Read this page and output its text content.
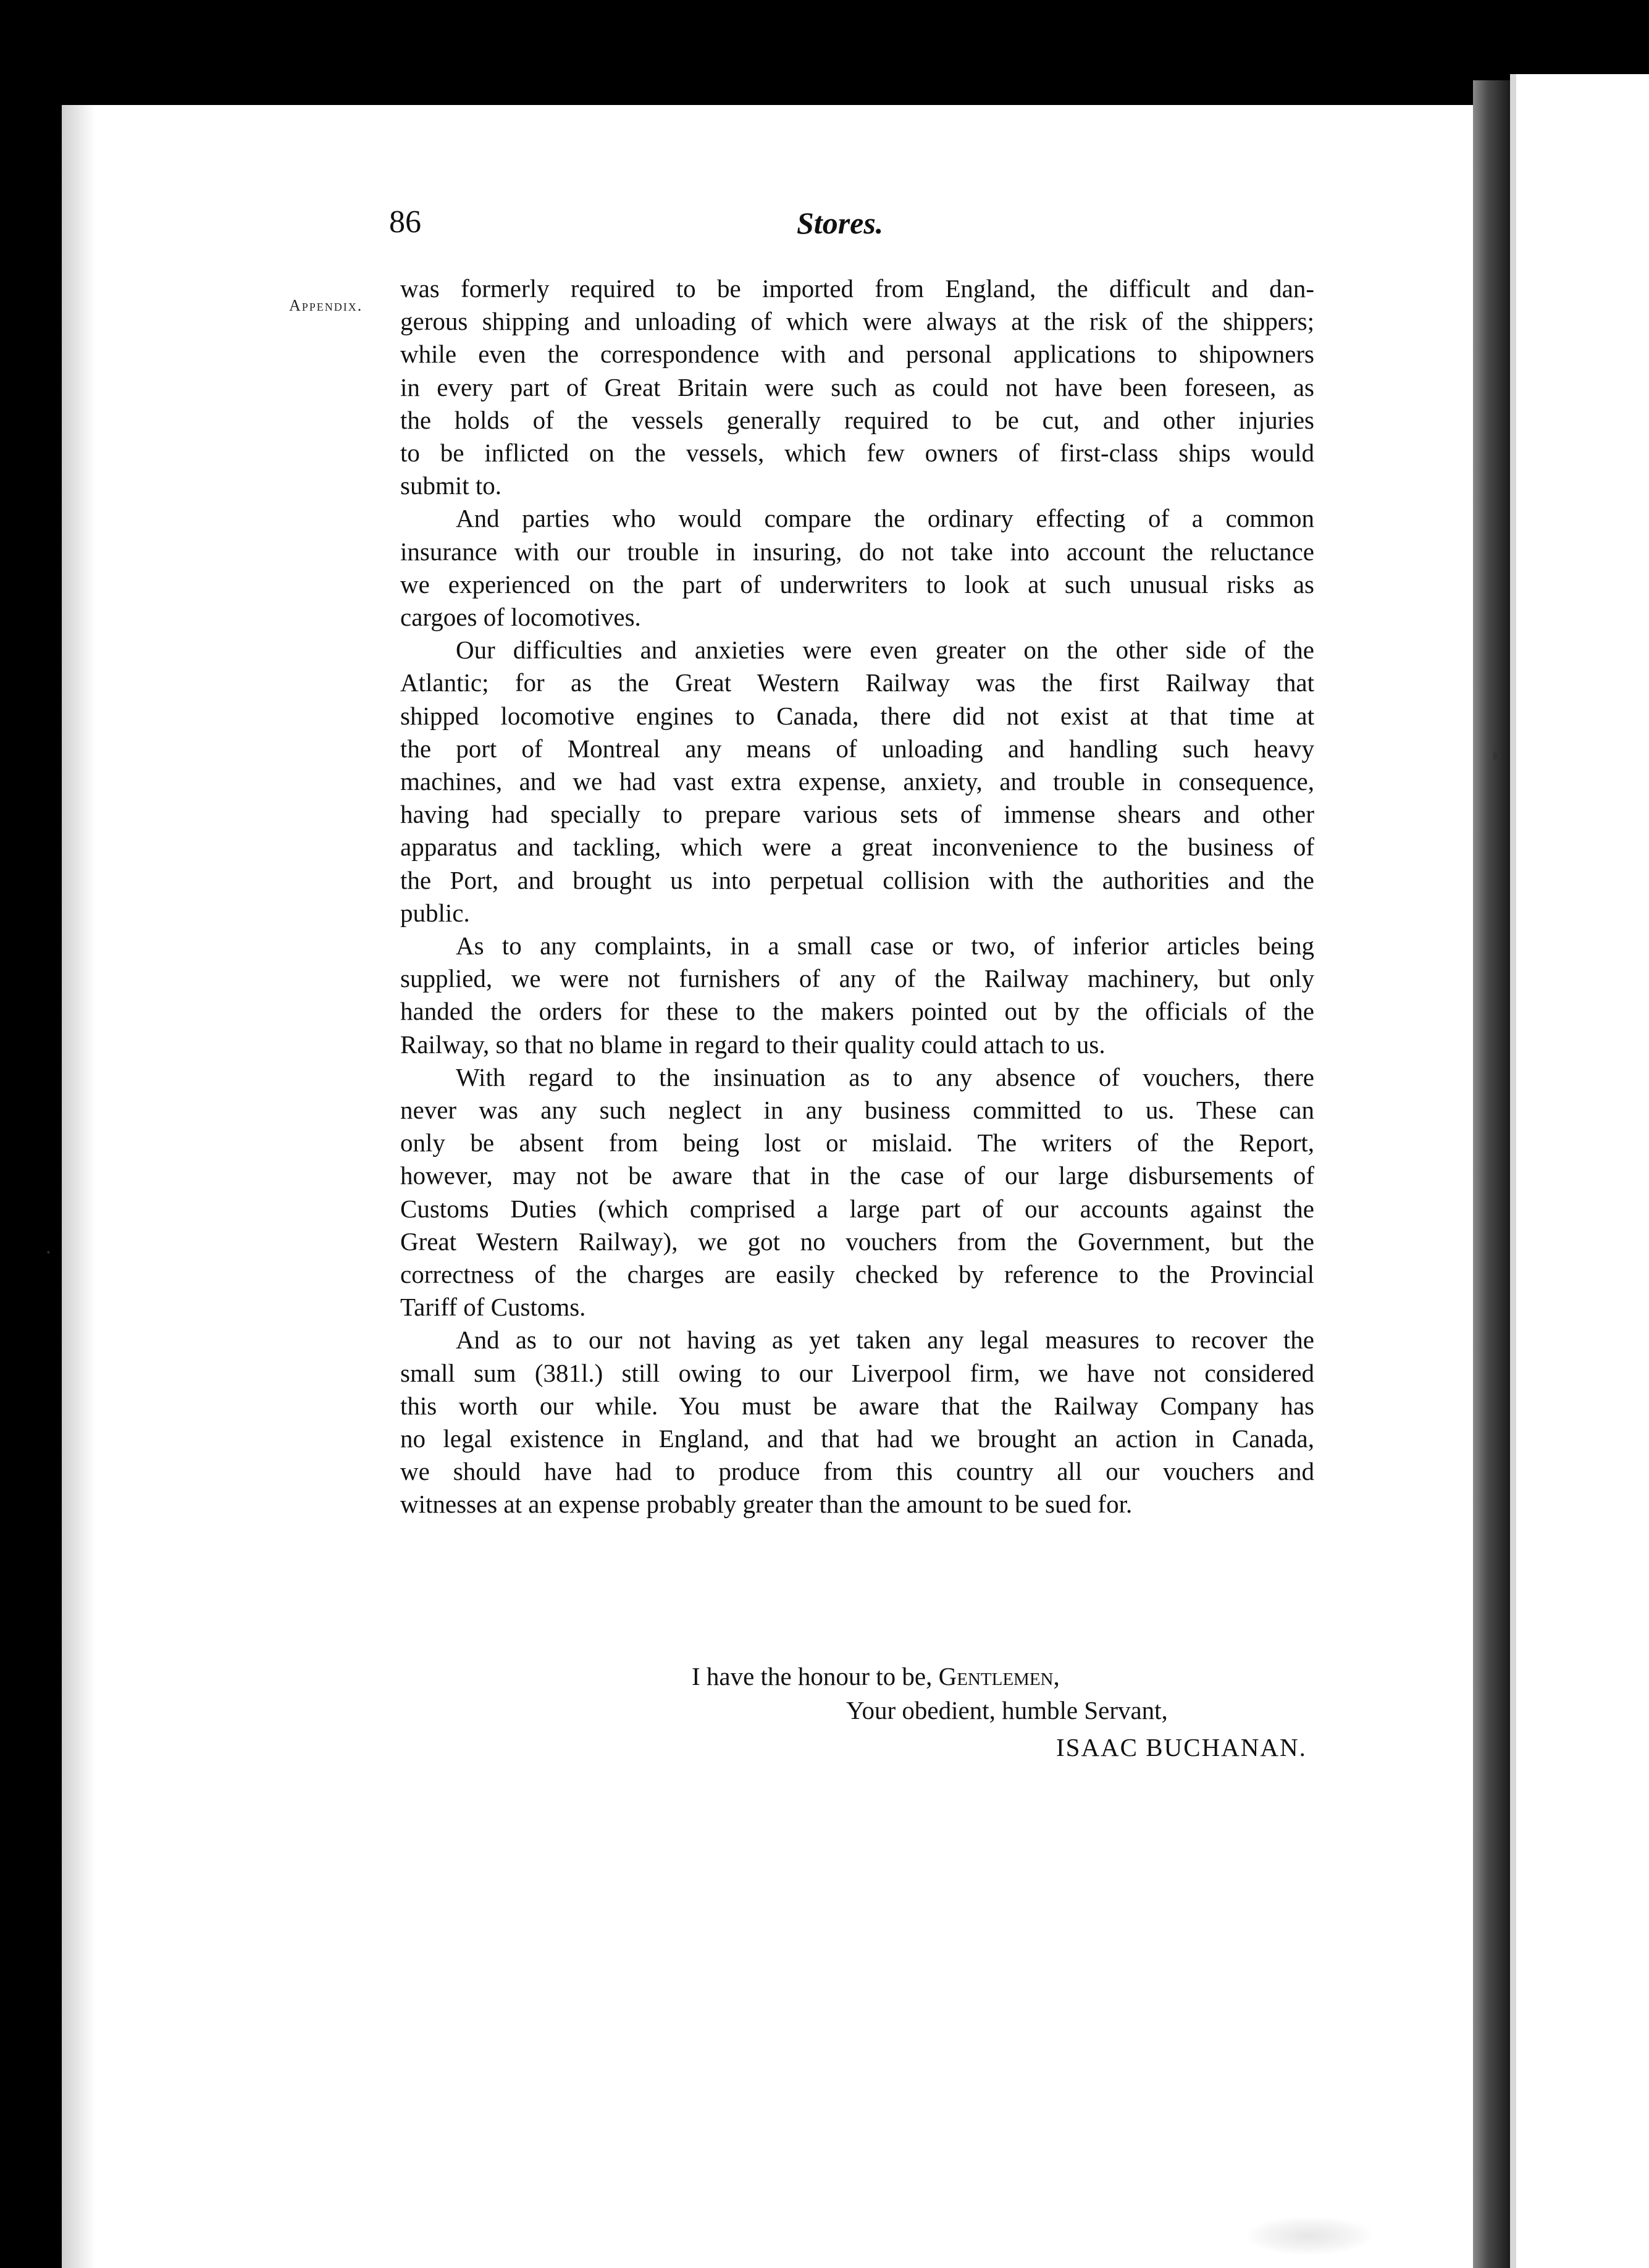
▸
᛫
86	Stores.
Appendix.
was formerly required to be imported from England, the difficult and dan-
gerous shipping and unloading of which were always at the risk of the shippers;
while even the correspondence with and personal applications to shipowners
in every part of Great Britain were such as could not have been foreseen, as
the holds of the vessels generally required to be cut, and other injuries
to be inflicted on the vessels, which few owners of first-class ships would
submit to.
And parties who would compare the ordinary effecting of a common
insurance with our trouble in insuring, do not take into account the reluctance
we experienced on the part of underwriters to look at such unusual risks as
cargoes of locomotives.
Our difficulties and anxieties were even greater on the other side of the
Atlantic; for as the Great Western Railway was the first Railway that
shipped locomotive engines to Canada, there did not exist at that time at
the port of Montreal any means of unloading and handling such heavy
machines, and we had vast extra expense, anxiety, and trouble in consequence,
having had specially to prepare various sets of immense shears and other
apparatus and tackling, which were a great inconvenience to the business of
the Port, and brought us into perpetual collision with the authorities and the
public.
As to any complaints, in a small case or two, of inferior articles being
supplied, we were not furnishers of any of the Railway machinery, but only
handed the orders for these to the makers pointed out by the officials of the
Railway, so that no blame in regard to their quality could attach to us.
With regard to the insinuation as to any absence of vouchers, there
never was any such neglect in any business committed to us. These can
only be absent from being lost or mislaid. The writers of the Report,
however, may not be aware that in the case of our large disbursements of
Customs Duties (which comprised a large part of our accounts against the
Great Western Railway), we got no vouchers from the Government, but the
correctness of the charges are easily checked by reference to the Provincial
Tariff of Customs.
And as to our not having as yet taken any legal measures to recover the
small sum (381l.) still owing to our Liverpool firm, we have not considered
this worth our while. You must be aware that the Railway Company has
no legal existence in England, and that had we brought an action in Canada,
we should have had to produce from this country all our vouchers and
witnesses at an expense probably greater than the amount to be sued for.
I have the honour to be, Gentlemen,
Your obedient, humble Servant,
ISAAC BUCHANAN.
